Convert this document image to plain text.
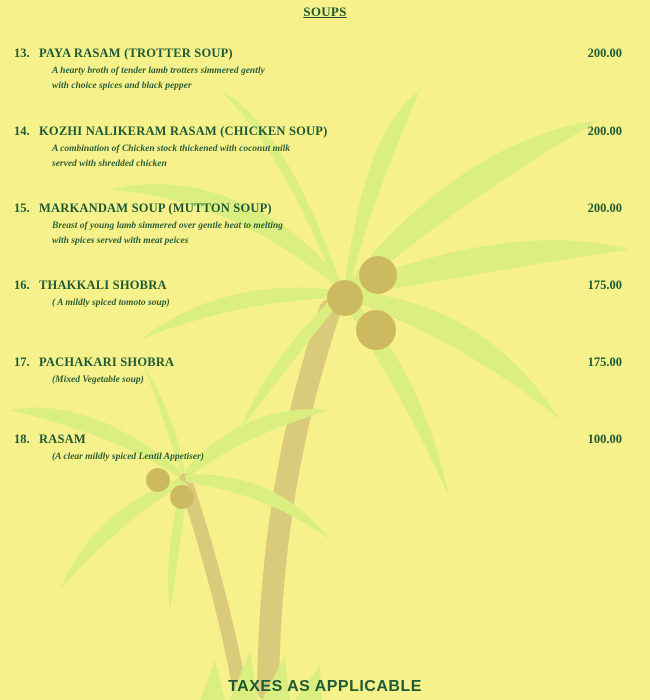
SOUPS
13. PAYA RASAM (TROTTER SOUP)	200.00
A hearty broth of tender lamb trotters simmered gently
with choice spices and black pepper
14. KOZHI NALIKERAM RASAM (CHICKEN SOUP)	200.00
A combination of Chicken stock thickened with coconut milk
served with shredded chicken
15. MARKANDAM SOUP (MUTTON SOUP)	200.00
Breast of young lamb simmered over gentle heat to melting
with spices served with meat peices
16. THAKKALI SHOBRA	175.00
( A mildly spiced tomoto soup)
17. PACHAKARI SHOBRA	175.00
(Mixed Vegetable soup)
18. RASAM	100.00
(A clear mildly spiced Lentil Appetiser)
TAXES AS APPLICABLE
